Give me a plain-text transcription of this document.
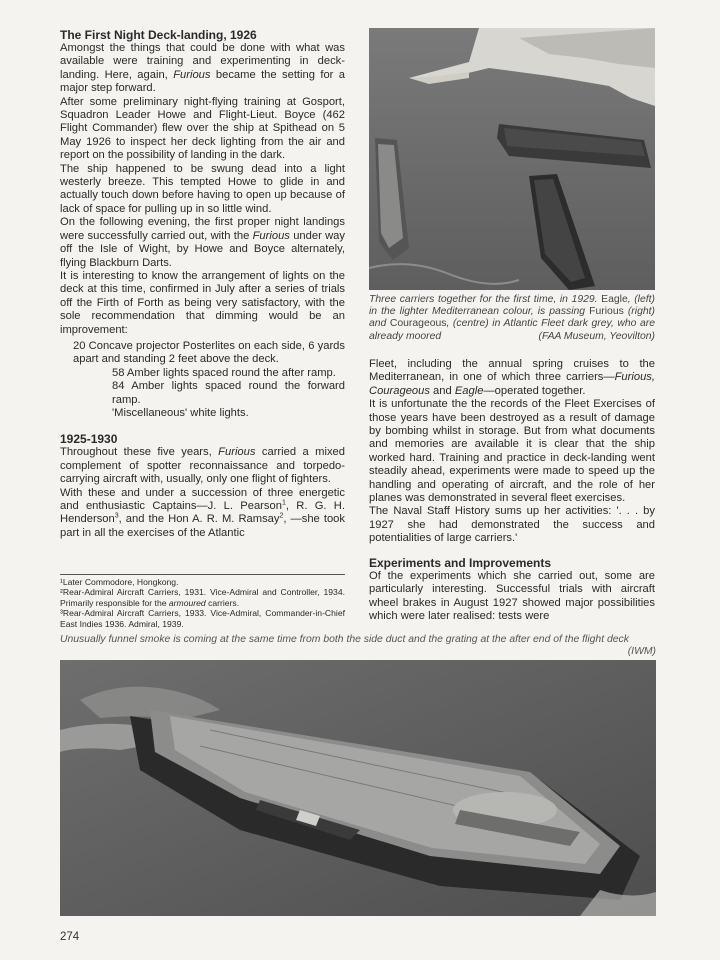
The First Night Deck-landing, 1926

Amongst the things that could be done with what was available were training and experimenting in deck-landing. Here, again, Furious became the setting for a major step forward.

After some preliminary night-flying training at Gosport, Squadron Leader Howe and Flight-Lieut. Boyce (462 Flight Commander) flew over the ship at Spithead on 5 May 1926 to inspect her deck lighting from the air and report on the possibility of landing in the dark.

The ship happened to be swung dead into a light westerly breeze. This tempted Howe to glide in and actually touch down before having to open up because of lack of space for pulling up in so little wind.

On the following evening, the first proper night landings were successfully carried out, with the Furious under way off the Isle of Wight, by Howe and Boyce alternately, flying Blackburn Darts.

It is interesting to know the arrangement of lights on the deck at this time, confirmed in July after a series of trials off the Firth of Forth as being very satisfactory, with the sole recommendation that dimming would be an improvement:

20 Concave projector Posterlites on each side, 6 yards apart and standing 2 feet above the deck.
58 Amber lights spaced round the after ramp.
84 Amber lights spaced round the forward ramp.
'Miscellaneous' white lights.
1925-1930

Throughout these five years, Furious carried a mixed complement of spotter reconnaissance and torpedo-carrying aircraft with, usually, only one flight of fighters.

With these and under a succession of three energetic and enthusiastic Captains—J. L. Pearson$^1$, R. G. H. Henderson$^3$, and the Hon A. R. M. Ramsay$^2$, —she took part in all the exercises of the Atlantic

¹Later Commodore, Hongkong.
²Rear-Admiral Aircraft Carriers, 1931. Vice-Admiral and Controller, 1934. Primarily responsible for the armoured carriers.
³Rear-Admiral Aircraft Carriers, 1933. Vice-Admiral, Commander-in-Chief East Indies 1936. Admiral, 1939.
Three carriers together for the first time, in 1929. Eagle, (left) in the lighter Mediterranean colour, is passing Furious (right) and Courageous, (centre) in Atlantic Fleet dark grey, who are already moored	(FAA Museum, Yeovilton)

Fleet, including the annual spring cruises to the Mediterranean, in one of which three carriers—Furious, Courageous and Eagle—operated together.

It is unfortunate the the records of the Fleet Exercises of those years have been destroyed as a result of damage by bombing whilst in storage. But from what documents and memories are available it is clear that the ship worked hard. Training and practice in deck-landing went steadily ahead, experiments were made to speed up the handling and operating of aircraft, and the role of her planes was demonstrated in several fleet exercises.

The Naval Staff History sums up her activities: '. . . by 1927 she had demonstrated the success and potentialities of large carriers.'

Experiments and Improvements

Of the experiments which she carried out, some are particularly interesting. Successful trials with aircraft wheel brakes in August 1927 showed major possibilities which were later realised: tests were

Unusually funnel smoke is coming at the same time from both the side duct and the grating at the after end of the flight deck
(IWM)
274
